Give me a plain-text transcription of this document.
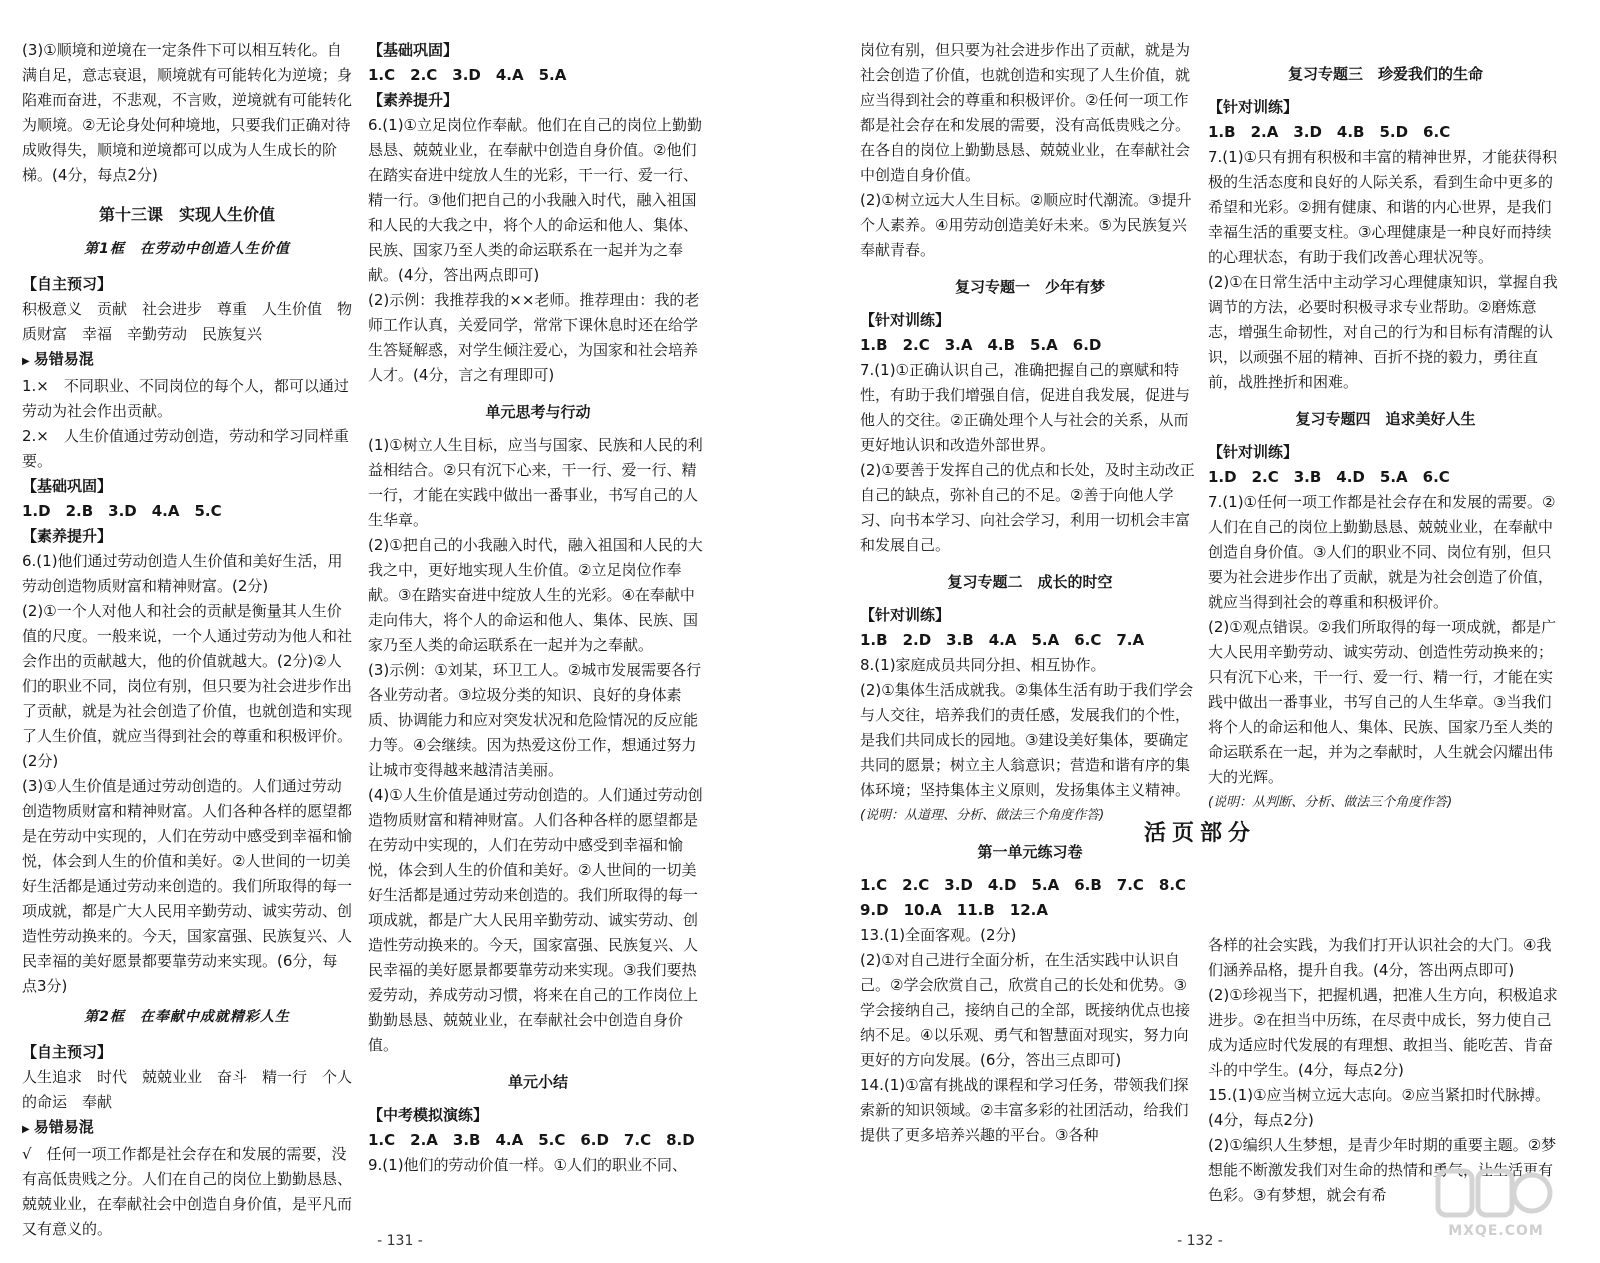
(3)①顺境和逆境在一定条件下可以相互转化。自满自足，意志衰退，顺境就有可能转化为逆境；身陷难而奋进，不悲观，不言败，逆境就有可能转化为顺境。②无论身处何种境地，只要我们正确对待成败得失，顺境和逆境都可以成为人生成长的阶梯。(4分，每点2分)

第十三课　实现人生价值

第1框　在劳动中创造人生价值

【自主预习】

积极意义　贡献　社会进步　尊重　人生价值　物质财富　幸福　辛勤劳动　民族复兴

▶ 易错易混

1.×　不同职业、不同岗位的每个人，都可以通过劳动为社会作出贡献。

2.×　人生价值通过劳动创造，劳动和学习同样重要。

【基础巩固】

1.D　2.B　3.D　4.A　5.C

【素养提升】

6.(1)他们通过劳动创造人生价值和美好生活，用劳动创造物质财富和精神财富。(2分)

(2)①一个人对他人和社会的贡献是衡量其人生价值的尺度。一般来说，一个人通过劳动为他人和社会作出的贡献越大，他的价值就越大。(2分)②人们的职业不同，岗位有别，但只要为社会进步作出了贡献，就是为社会创造了价值，也就创造和实现了人生价值，就应当得到社会的尊重和积极评价。(2分)

(3)①人生价值是通过劳动创造的。人们通过劳动创造物质财富和精神财富。人们各种各样的愿望都是在劳动中实现的，人们在劳动中感受到幸福和愉悦，体会到人生的价值和美好。②人世间的一切美好生活都是通过劳动来创造的。我们所取得的每一项成就，都是广大人民用辛勤劳动、诚实劳动、创造性劳动换来的。今天，国家富强、民族复兴、人民幸福的美好愿景都要靠劳动来实现。(6分，每点3分)

第2框　在奉献中成就精彩人生

【自主预习】

人生追求　时代　兢兢业业　奋斗　精一行　个人的命运　奉献

▶ 易错易混

√　任何一项工作都是社会存在和发展的需要，没有高低贵贱之分。人们在自己的岗位上勤勤恳恳、兢兢业业，在奉献社会中创造自身价值，是平凡而又有意义的。

【基础巩固】

1.C　2.C　3.D　4.A　5.A

【素养提升】

6.(1)①立足岗位作奉献。他们在自己的岗位上勤勤恳恳、兢兢业业，在奉献中创造自身价值。②他们在踏实奋进中绽放人生的光彩，干一行、爱一行、精一行。③他们把自己的小我融入时代，融入祖国和人民的大我之中，将个人的命运和他人、集体、民族、国家乃至人类的命运联系在一起并为之奉献。(4分，答出两点即可)

(2)示例：我推荐我的××老师。推荐理由：我的老师工作认真，关爱同学，常常下课休息时还在给学生答疑解惑，对学生倾注爱心，为国家和社会培养人才。(4分，言之有理即可)

单元思考与行动

(1)①树立人生目标，应当与国家、民族和人民的利益相结合。②只有沉下心来，干一行、爱一行、精一行，才能在实践中做出一番事业，书写自己的人生华章。

(2)①把自己的小我融入时代，融入祖国和人民的大我之中，更好地实现人生价值。②立足岗位作奉献。③在踏实奋进中绽放人生的光彩。④在奉献中走向伟大，将个人的命运和他人、集体、民族、国家乃至人类的命运联系在一起并为之奉献。

(3)示例：①刘某，环卫工人。②城市发展需要各行各业劳动者。③垃圾分类的知识、良好的身体素质、协调能力和应对突发状况和危险情况的反应能力等。④会继续。因为热爱这份工作，想通过努力让城市变得越来越清洁美丽。

(4)①人生价值是通过劳动创造的。人们通过劳动创造物质财富和精神财富。人们各种各样的愿望都是在劳动中实现的，人们在劳动中感受到幸福和愉悦，体会到人生的价值和美好。②人世间的一切美好生活都是通过劳动来创造的。我们所取得的每一项成就，都是广大人民用辛勤劳动、诚实劳动、创造性劳动换来的。今天，国家富强、民族复兴、人民幸福的美好愿景都要靠劳动来实现。③我们要热爱劳动，养成劳动习惯，将来在自己的工作岗位上勤勤恳恳、兢兢业业，在奉献社会中创造自身价值。

单元小结

【中考模拟演练】

1.C　2.A　3.B　4.A　5.C　6.D　7.C　8.D

9.(1)他们的劳动价值一样。①人们的职业不同、

- 131 -

岗位有别，但只要为社会进步作出了贡献，就是为社会创造了价值，也就创造和实现了人生价值，就应当得到社会的尊重和积极评价。②任何一项工作都是社会存在和发展的需要，没有高低贵贱之分。在各自的岗位上勤勤恳恳、兢兢业业，在奉献社会中创造自身价值。

(2)①树立远大人生目标。②顺应时代潮流。③提升个人素养。④用劳动创造美好未来。⑤为民族复兴奉献青春。

复习专题一　少年有梦

【针对训练】

1.B　2.C　3.A　4.B　5.A　6.D

7.(1)①正确认识自己，准确把握自己的禀赋和特性，有助于我们增强自信，促进自我发展，促进与他人的交往。②正确处理个人与社会的关系，从而更好地认识和改造外部世界。

(2)①要善于发挥自己的优点和长处，及时主动改正自己的缺点，弥补自己的不足。②善于向他人学习、向书本学习、向社会学习，利用一切机会丰富和发展自己。

复习专题二　成长的时空

【针对训练】

1.B　2.D　3.B　4.A　5.A　6.C　7.A

8.(1)家庭成员共同分担、相互协作。

(2)①集体生活成就我。②集体生活有助于我们学会与人交往，培养我们的责任感，发展我们的个性，是我们共同成长的园地。③建设美好集体，要确定共同的愿景；树立主人翁意识；营造和谐有序的集体环境；坚持集体主义原则，发扬集体主义精神。

(说明：从道理、分析、做法三个角度作答)

第一单元练习卷

1.C　2.C　3.D　4.D　5.A　6.B　7.C　8.C

9.D　10.A　11.B　12.A

13.(1)全面客观。(2分)

(2)①对自己进行全面分析，在生活实践中认识自己。②学会欣赏自己，欣赏自己的长处和优势。③学会接纳自己，接纳自己的全部，既接纳优点也接纳不足。④以乐观、勇气和智慧面对现实，努力向更好的方向发展。(6分，答出三点即可)

14.(1)①富有挑战的课程和学习任务，带领我们探索新的知识领域。②丰富多彩的社团活动，给我们提供了更多培养兴趣的平台。③各种

复习专题三　珍爱我们的生命

【针对训练】

1.B　2.A　3.D　4.B　5.D　6.C

7.(1)①只有拥有积极和丰富的精神世界，才能获得积极的生活态度和良好的人际关系，看到生命中更多的希望和光彩。②拥有健康、和谐的内心世界，是我们幸福生活的重要支柱。③心理健康是一种良好而持续的心理状态，有助于我们改善心理状况等。

(2)①在日常生活中主动学习心理健康知识，掌握自我调节的方法，必要时积极寻求专业帮助。②磨炼意志，增强生命韧性，对自己的行为和目标有清醒的认识，以顽强不屈的精神、百折不挠的毅力，勇往直前，战胜挫折和困难。

复习专题四　追求美好人生

【针对训练】

1.D　2.C　3.B　4.D　5.A　6.C

7.(1)①任何一项工作都是社会存在和发展的需要。②人们在自己的岗位上勤勤恳恳、兢兢业业，在奉献中创造自身价值。③人们的职业不同、岗位有别，但只要为社会进步作出了贡献，就是为社会创造了价值，就应当得到社会的尊重和积极评价。

(2)①观点错误。②我们所取得的每一项成就，都是广大人民用辛勤劳动、诚实劳动、创造性劳动换来的；只有沉下心来，干一行、爱一行、精一行，才能在实践中做出一番事业，书写自己的人生华章。③当我们将个人的命运和他人、集体、民族、国家乃至人类的命运联系在一起，并为之奉献时，人生就会闪耀出伟大的光辉。

(说明：从判断、分析、做法三个角度作答)

各样的社会实践，为我们打开认识社会的大门。④我们涵养品格，提升自我。(4分，答出两点即可)

(2)①珍视当下，把握机遇，把准人生方向，积极追求进步。②在担当中历练，在尽责中成长，努力使自己成为适应时代发展的有理想、敢担当、能吃苦、肯奋斗的中学生。(4分，每点2分)

15.(1)①应当树立远大志向。②应当紧扣时代脉搏。(4分，每点2分)

(2)①编织人生梦想，是青少年时期的重要主题。②梦想能不断激发我们对生命的热情和勇气，让生活更有色彩。③有梦想，就会有希

活页部分
- 132 -
MXQE.COM
